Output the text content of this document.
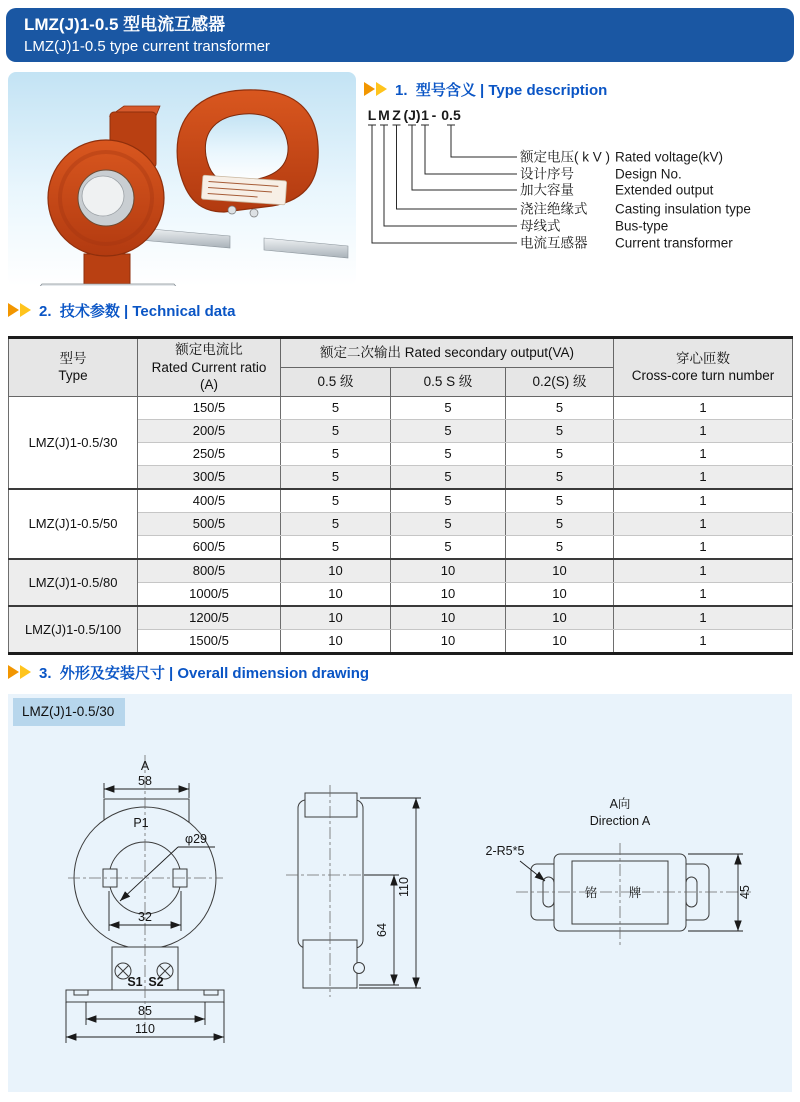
LMZ(J)1-0.5 型电流互感器
LMZ(J)1-0.5 type current transformer
1.  型号含义 | Type description
L M Z (J) 1 - 0.5
额定电压( k V ) Rated voltage(kV)
设计序号	Design No.
加大容量	Extended output
浇注绝缘式 Casting insulation type
母线式	Bus-type
电流互感器 Current transformer
2.  技术参数 | Technical data
型号
Type

额定电流比
Rated Current ratio
(A)

额定二次输出 Rated secondary output(VA)	穿心匝数
Cross-core turn number

		0.5 级	0.5 S 级	0.2(S) 级	
LMZ(J)1-0.5/30	150/5	5	5	5	1
	200/5	5	5	5	1
	250/5	5	5	5	1
	300/5	5	5	5	1
LMZ(J)1-0.5/50	400/5	5	5	5	1
	500/5	5	5	5	1
	600/5	5	5	5	1
LMZ(J)1-0.5/80	800/5	10	10	10	1
	1000/5	10	10	10	1
LMZ(J)1-0.5/100	1200/5	10	10	10	1
	1500/5	10	10	10	1
3.  外形及安装尺寸 | Overall dimension drawing
LMZ(J)1-0.5/30
A
58
P1
φ29
32
S1 S2
85
110
64
110
A向
Direction A
2-R5*5
铭 牌	45
